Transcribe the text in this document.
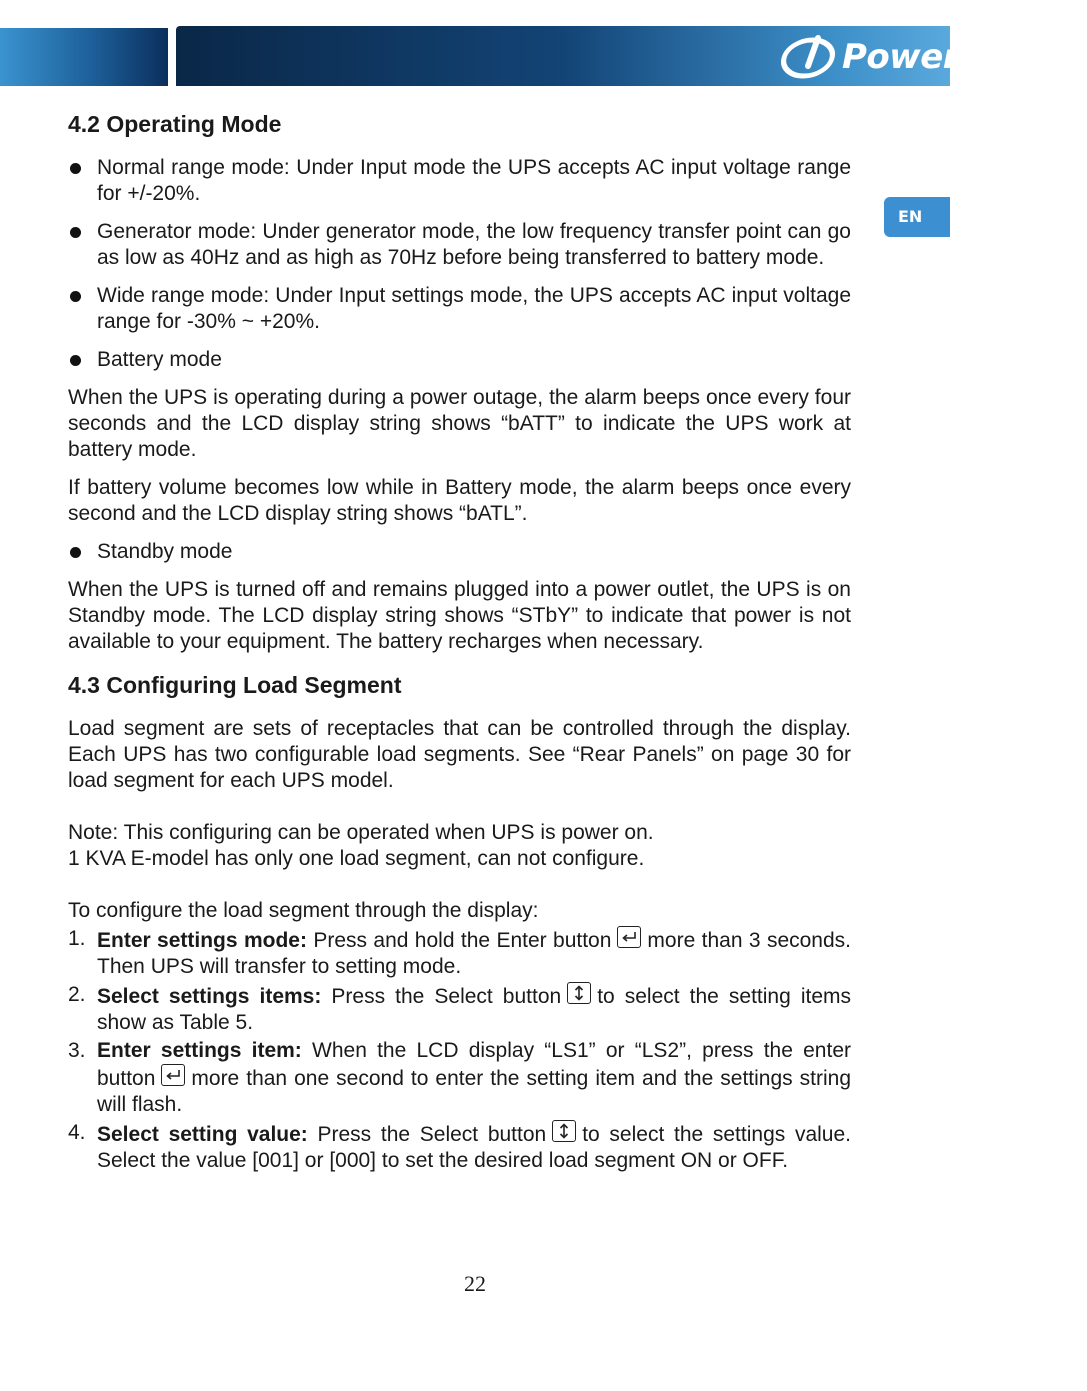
PowerWalker
EN
4.2 Operating Mode
Normal range mode: Under Input mode the UPS accepts AC input voltage range for +/-20%.
Generator mode: Under generator mode, the low frequency transfer point can go as low as 40Hz and as high as 70Hz before being transferred to battery mode.
Wide range mode: Under Input settings mode, the UPS accepts AC input voltage range for -30% ~ +20%.
Battery mode

When the UPS is operating during a power outage, the alarm beeps once every four seconds and the LCD display string shows “bATT” to indicate the UPS work at battery mode.

If battery volume becomes low while in Battery mode, the alarm beeps once every second and the LCD display string shows “bATL”.

Standby mode

When the UPS is turned off and remains plugged into a power outlet, the UPS is on Standby mode. The LCD display string shows “STbY” to indicate that power is not available to your equipment. The battery recharges when necessary.

4.3 Configuring Load Segment

Load segment are sets of receptacles that can be controlled through the display. Each UPS has two configurable load segments. See “Rear Panels” on page 30 for load segment for each UPS model.

Note: This configuring can be operated when UPS is power on.

1 KVA E-model has only one load segment, can not configure.

To configure the load segment through the display:

1. Enter settings mode: Press and hold the Enter button more than 3 seconds. Then UPS will transfer to setting mode.
2. Select settings items: Press the Select button to select the setting items show as Table 5.
3. Enter settings item: When the LCD display “LS1” or “LS2”, press the enter button more than one second to enter the setting item and the settings string will flash.
4. Select setting value: Press the Select button to select the settings value. Select the value [001] or [000] to set the desired load segment ON or OFF.
22
